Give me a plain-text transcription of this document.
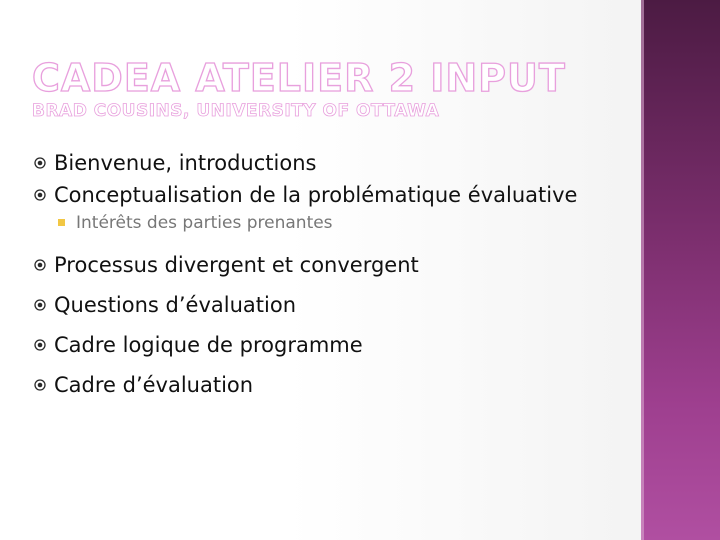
CADEA ATELIER 2 INPUT
BRAD COUSINS, UNIVERSITY OF OTTAWA
Bienvenue, introductions
Conceptualisation de la problématique évaluative
Intérêts des parties prenantes
Processus divergent et convergent
Questions d’évaluation
Cadre logique de programme
Cadre d’évaluation
